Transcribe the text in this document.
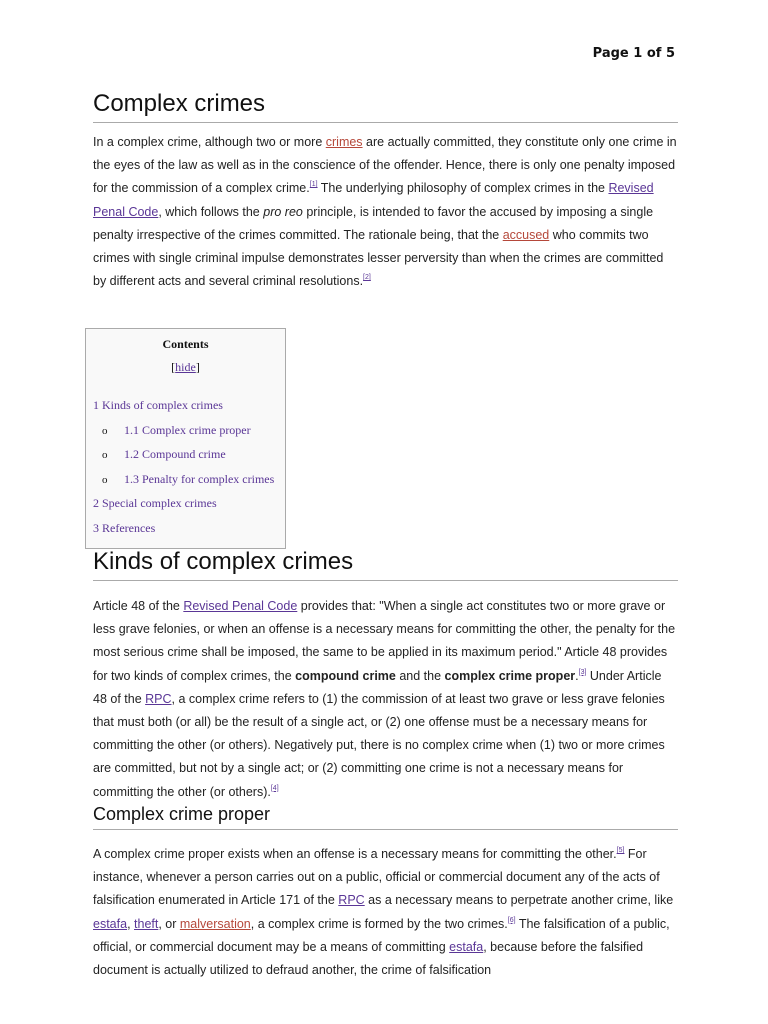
Page 1 of 5
Complex crimes

In a complex crime, although two or more crimes are actually committed, they constitute only one crime in the eyes of the law as well as in the conscience of the offender. Hence, there is only one penalty imposed for the commission of a complex crime.[1] The underlying philosophy of complex crimes in the Revised Penal Code, which follows the pro reo principle, is intended to favor the accused by imposing a single penalty irrespective of the crimes committed. The rationale being, that the accused who commits two crimes with single criminal impulse demonstrates lesser perversity than when the crimes are committed by different acts and several criminal resolutions.[2]

Contents
[hide]
1 Kinds of complex crimes
o 1.1 Complex crime proper
o 1.2 Compound crime
o 1.3 Penalty for complex crimes
2 Special complex crimes
3 References
Kinds of complex crimes

Article 48 of the Revised Penal Code provides that: "When a single act constitutes two or more grave or less grave felonies, or when an offense is a necessary means for committing the other, the penalty for the most serious crime shall be imposed, the same to be applied in its maximum period." Article 48 provides for two kinds of complex crimes, the compound crime and the complex crime proper.[3] Under Article 48 of the RPC, a complex crime refers to (1) the commission of at least two grave or less grave felonies that must both (or all) be the result of a single act, or (2) one offense must be a necessary means for committing the other (or others). Negatively put, there is no complex crime when (1) two or more crimes are committed, but not by a single act; or (2) committing one crime is not a necessary means for committing the other (or others).[4]

Complex crime proper

A complex crime proper exists when an offense is a necessary means for committing the other.[5] For instance, whenever a person carries out on a public, official or commercial document any of the acts of falsification enumerated in Article 171 of the RPC as a necessary means to perpetrate another crime, like estafa, theft, or malversation, a complex crime is formed by the two crimes.[6] The falsification of a public, official, or commercial document may be a means of committing estafa, because before the falsified document is actually utilized to defraud another, the crime of falsification
